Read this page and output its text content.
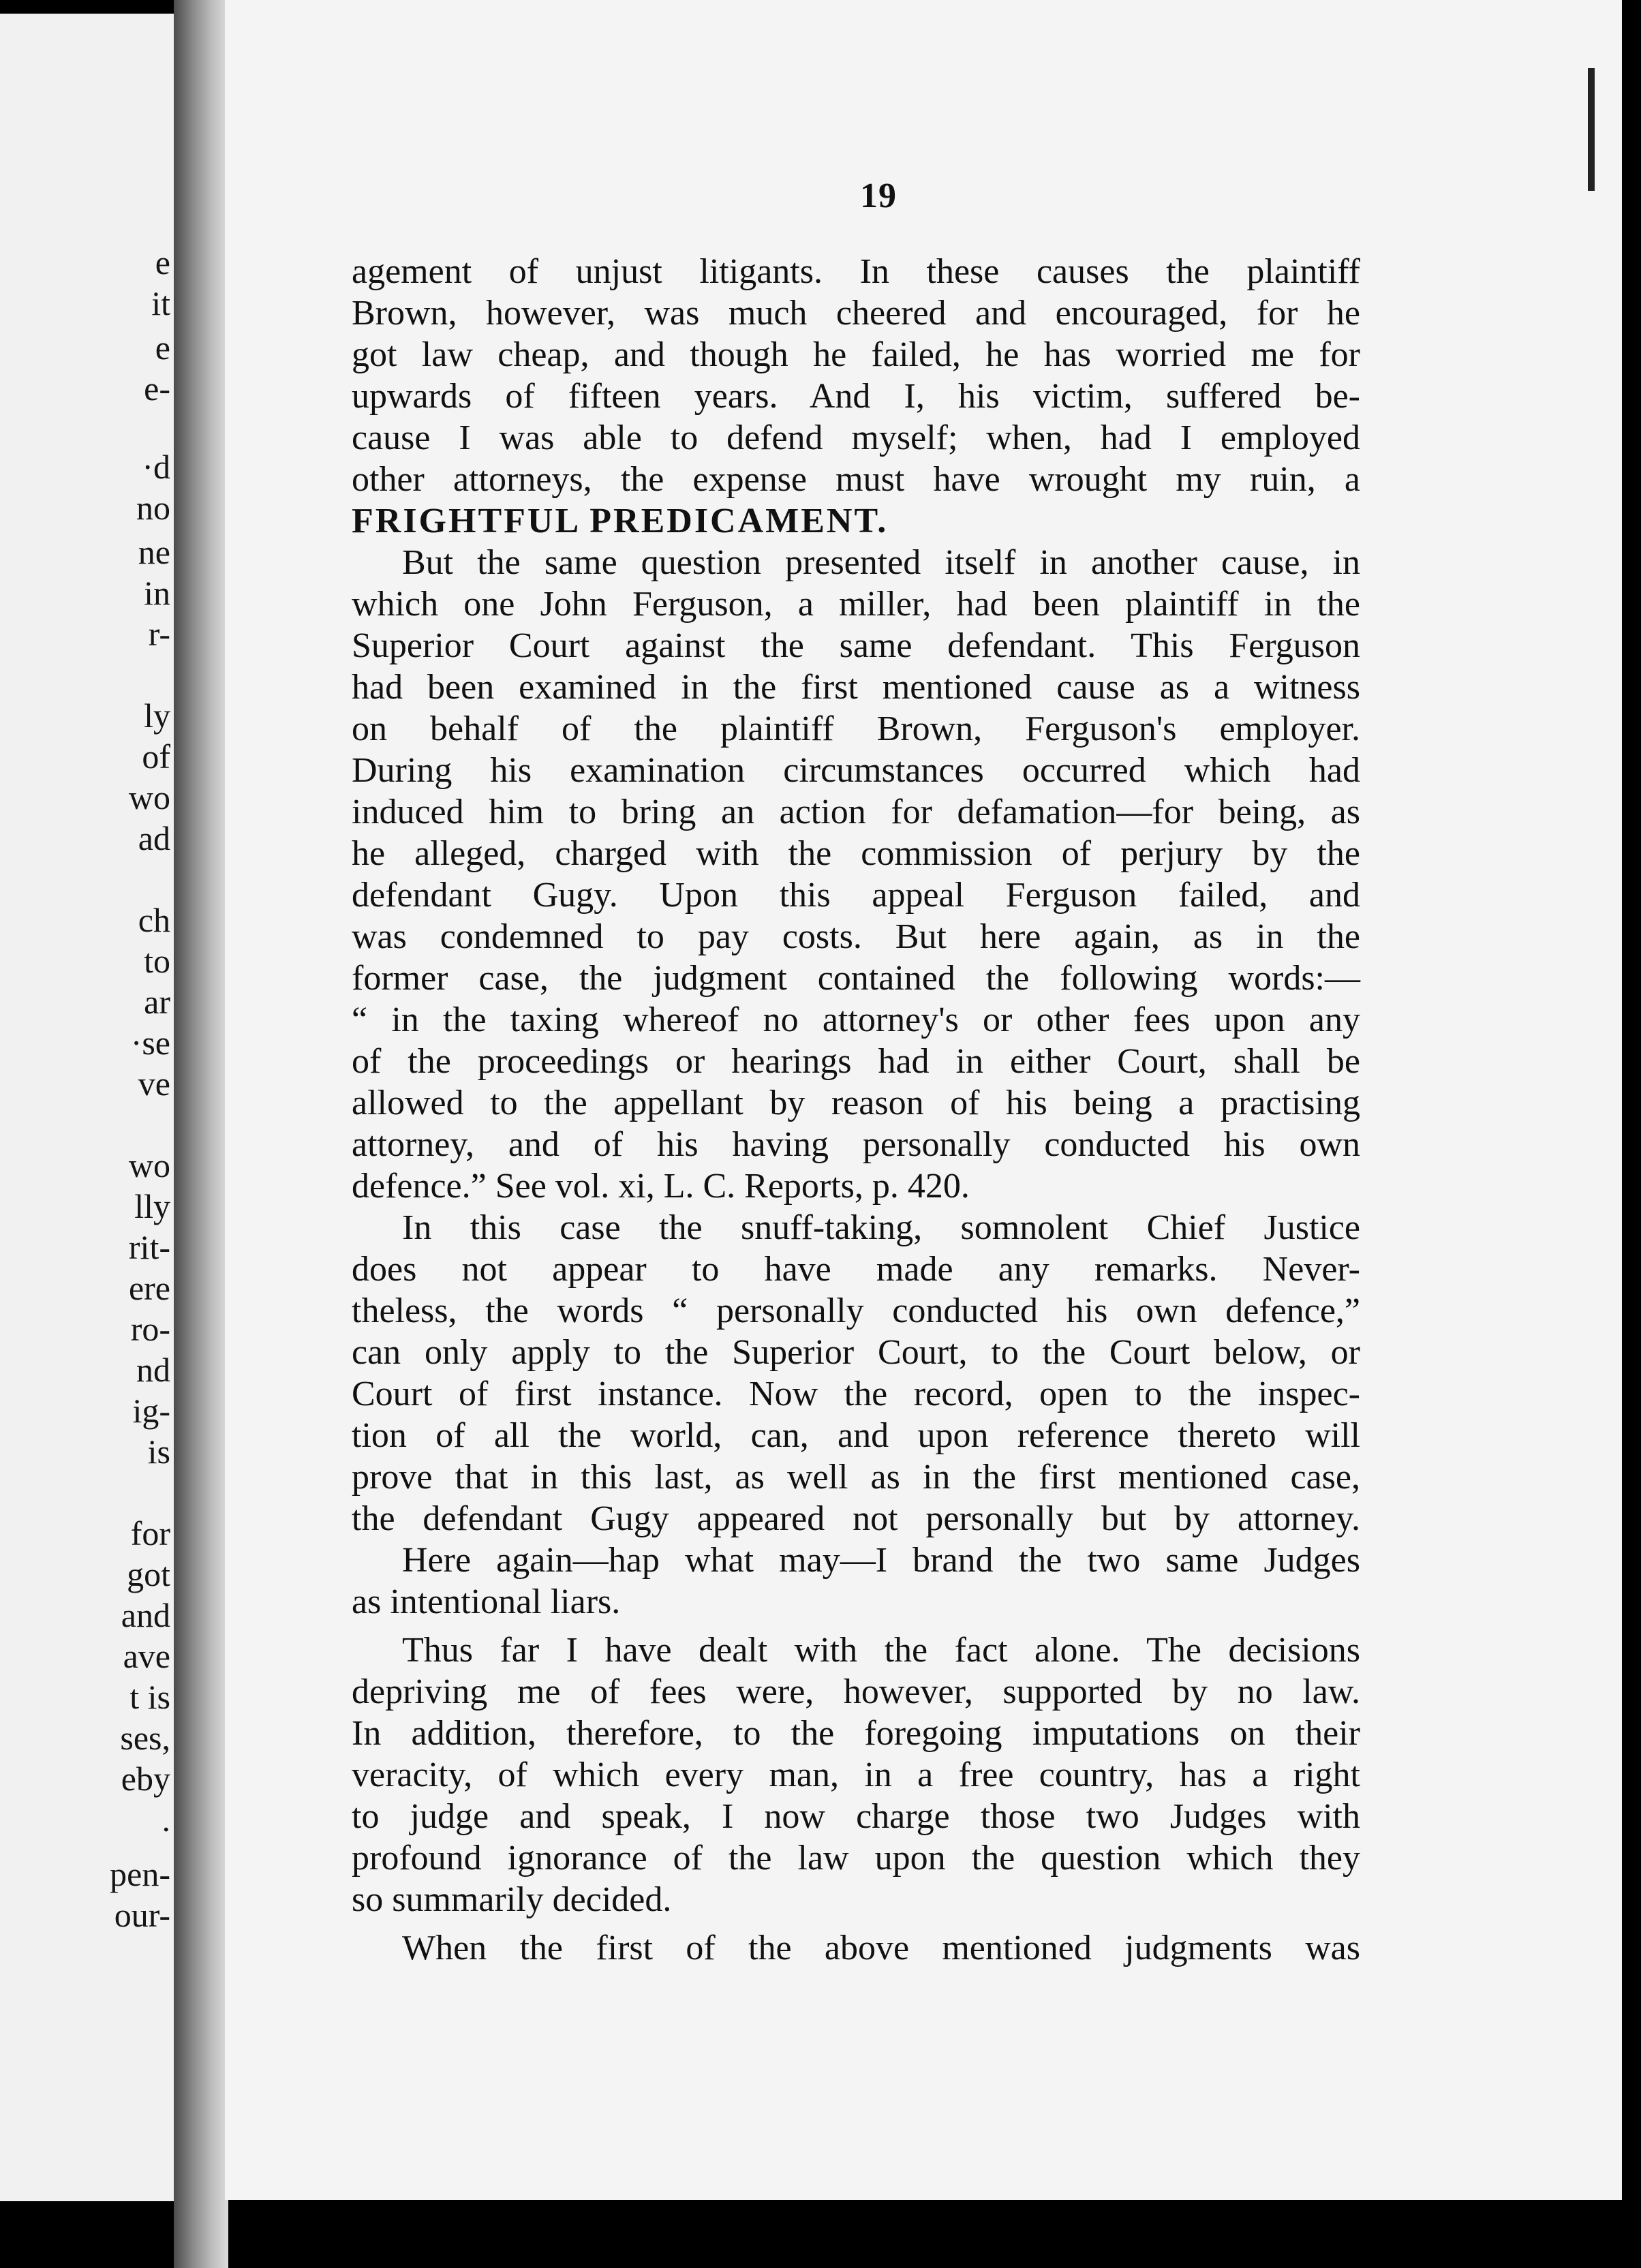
e
it
e
e-
·d
no
ne
in
r-
ly
of
wo
ad
ch
to
ar
·se
ve
wo
lly
rit-
ere
ro-
nd
ig-
is
for
got
and
ave
t is
ses,
eby
.
pen-
our-
19
agement of unjust litigants. In these causes the plaintiff
Brown, however, was much cheered and encouraged, for he
got law cheap, and though he failed, he has worried me for
upwards of fifteen years. And I, his victim, suffered be-
cause I was able to defend myself; when, had I employed
other attorneys, the expense must have wrought my ruin, a
FRIGHTFUL PREDICAMENT.
But the same question presented itself in another cause, in
which one John Ferguson, a miller, had been plaintiff in the
Superior Court against the same defendant. This Ferguson
had been examined in the first mentioned cause as a witness
on behalf of the plaintiff Brown, Ferguson's employer.
During his examination circumstances occurred which had
induced him to bring an action for defamation—for being, as
he alleged, charged with the commission of perjury by the
defendant Gugy. Upon this appeal Ferguson failed, and
was condemned to pay costs. But here again, as in the
former case, the judgment contained the following words:—
“ in the taxing whereof no attorney's or other fees upon any
of the proceedings or hearings had in either Court, shall be
allowed to the appellant by reason of his being a practising
attorney, and of his having personally conducted his own
defence.” See vol. xi, L. C. Reports, p. 420.
In this case the snuff-taking, somnolent Chief Justice
does not appear to have made any remarks. Never-
theless, the words “ personally conducted his own defence,”
can only apply to the Superior Court, to the Court below, or
Court of first instance. Now the record, open to the inspec-
tion of all the world, can, and upon reference thereto will
prove that in this last, as well as in the first mentioned case,
the defendant Gugy appeared not personally but by attorney.
Here again—hap what may—I brand the two same Judges
as intentional liars.
Thus far I have dealt with the fact alone. The decisions
depriving me of fees were, however, supported by no law.
In addition, therefore, to the foregoing imputations on their
veracity, of which every man, in a free country, has a right
to judge and speak, I now charge those two Judges with
profound ignorance of the law upon the question which they
so summarily decided.
When the first of the above mentioned judgments was
